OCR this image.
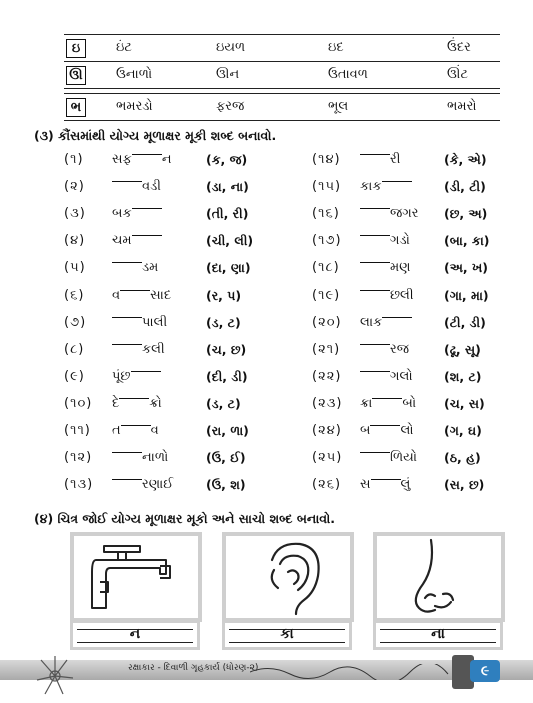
ઇ	ઇંટ	ઇયળ	ઇદ	ઉંદર
ઊ	ઉનાળો	ઊન	ઉતાવળ	ઊંટ
ભ	ભમરડો	ફરજ	ભૂલ	ભમરો
(૩) કૌંસમાંથી યોગ્ય મૂળાક્ષર મૂકી શબ્દ બનાવો.
(૧) સફ ન	(ક, જ)
(૨)	વડી	(ડા, ના)
(૩) બક	(તી, રી)
(૪) ચમ	(ચી, લી)
(૫)	ડમ	(દા, ણા)
(૬) વ સાદ	(ર, પ)
(૭)	પાલી	(ડ, ટ)
(૮)	કલી	(ચ, છ)
(૯) પૂંછ	(દી, ડી)
(૧૦) દે ક્રો	(ડ, ટ)
(૧૧) ત વ	(રા, ળા)
(૧૨)	નાળો	(ઉ, ઈ)
(૧૩)	રણાઈ	(ઉ, શ)
(૧૪)	રી	(કે, એ)
(૧૫) કાક	(ડી, ટી)
(૧૬)	જગર (છ, અ)
(૧૭)	ગડો	(બા, કા)
(૧૮)	મણ	(અ, ખ)
(૧૯)	છલી (ગા, મા)
(૨૦) લાક	(ટી, ડી)
(૨૧)	રજ	(ઢૂ, સૂ)
(૨૨)	ગલો	(શ, ટ)
(૨૩) ક્રા બો (ચ, સ)
(૨૪) બ લો (ગ, ઘ)
(૨૫)	ળિયો (ઠ, હ)
(૨૬) સ લું	(સ, છ)
(૪) ચિત્ર જોઈ યોગ્ય મૂળાક્ષર મૂકો અને સાચો શબ્દ બનાવો.
ન	કા	ના
રક્ષાકાર - દિવાળી ગૃહકાર્ય (ધોરણ-૨)	૯
